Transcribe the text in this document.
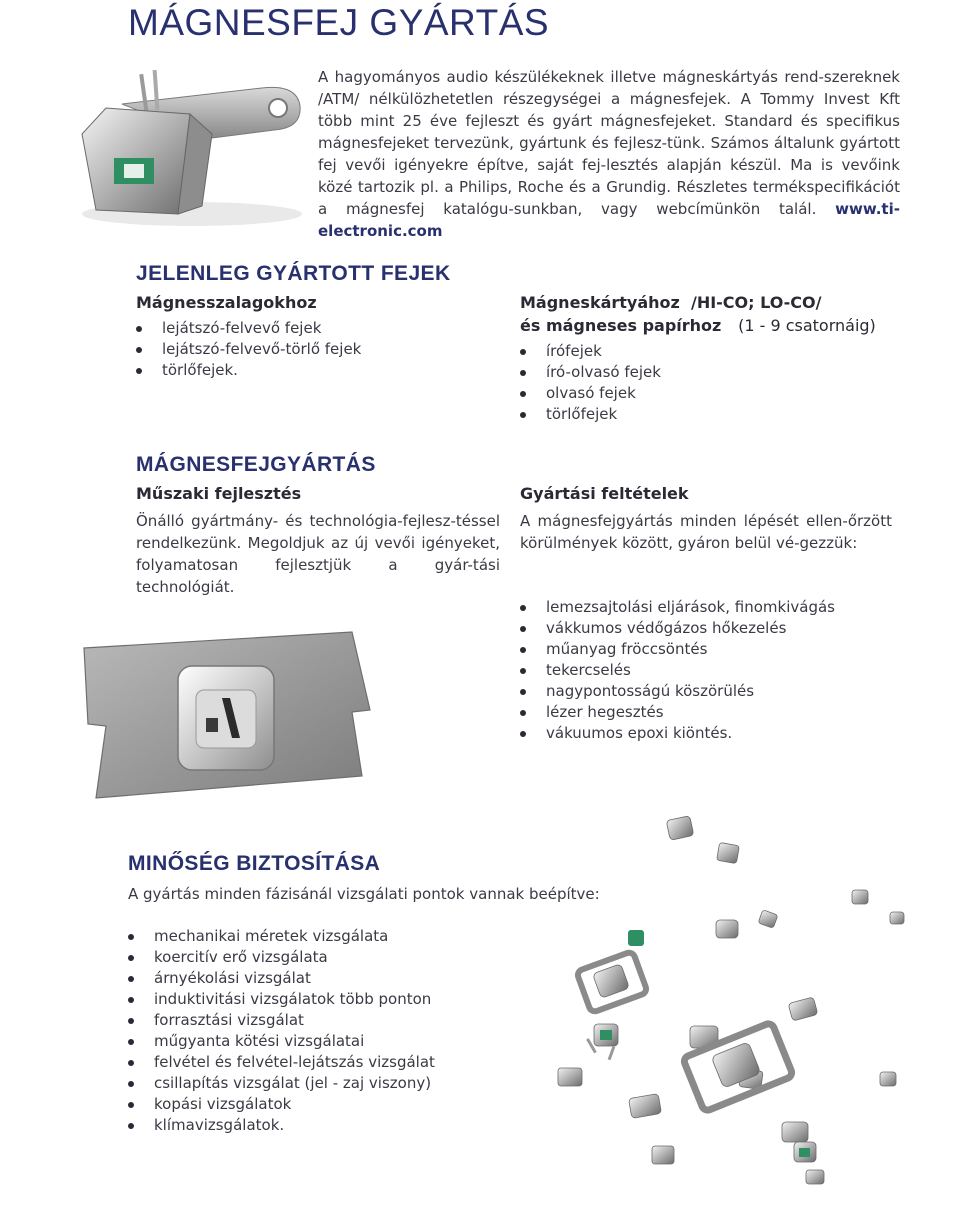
MÁGNESFEJ GYÁRTÁS

A hagyományos audio készülékeknek illetve mágneskártyás rend-szereknek /ATM/ nélkülözhetetlen részegységei a mágnesfejek. A Tommy Invest Kft több mint 25 éve fejleszt és gyárt mágnesfejeket. Standard és specifikus mágnesfejeket tervezünk, gyártunk és fejlesz-tünk. Számos általunk gyártott fej vevői igényekre építve, saját fej-lesztés alapján készül. Ma is vevőink közé tartozik pl. a Philips, Roche és a Grundig. Részletes termékspecifikációt a mágnesfej katalógu-sunkban, vagy webcímünkön talál. www.ti-electronic.com

JELENLEG GYÁRTOTT FEJEK
Mágnesszalagokhoz
lejátszó-felvevő fejek
lejátszó-felvevő-törlő fejek
törlőfejek.
Mágneskártyához  /HI-CO; LO-CO/
és mágneses papírhoz (1 - 9 csatornáig)
írófejek
író-olvasó fejek
olvasó fejek
törlőfejek
MÁGNESFEJGYÁRTÁS
Műszaki fejlesztés

Önálló gyártmány- és technológia-fejlesz-téssel rendelkezünk. Megoldjuk az új vevői igényeket, folyamatosan fejlesztjük a gyár-tási technológiát.

Gyártási feltételek

A mágnesfejgyártás minden lépését ellen-őrzött körülmények között, gyáron belül vé-gezzük:

lemezsajtolási eljárások, finomkivágás
vákkumos védőgázos hőkezelés
műanyag fröccsöntés
tekercselés
nagypontosságú köszörülés
lézer hegesztés
vákuumos epoxi kiöntés.
MINŐSÉG BIZTOSÍTÁSA

A gyártás minden fázisánál vizsgálati pontok vannak beépítve:

mechanikai méretek vizsgálata
koercitív erő vizsgálata
árnyékolási vizsgálat
induktivitási vizsgálatok több ponton
forrasztási vizsgálat
műgyanta kötési vizsgálatai
felvétel és felvétel-lejátszás vizsgálat
csillapítás vizsgálat (jel - zaj viszony)
kopási vizsgálatok
klímavizsgálatok.
